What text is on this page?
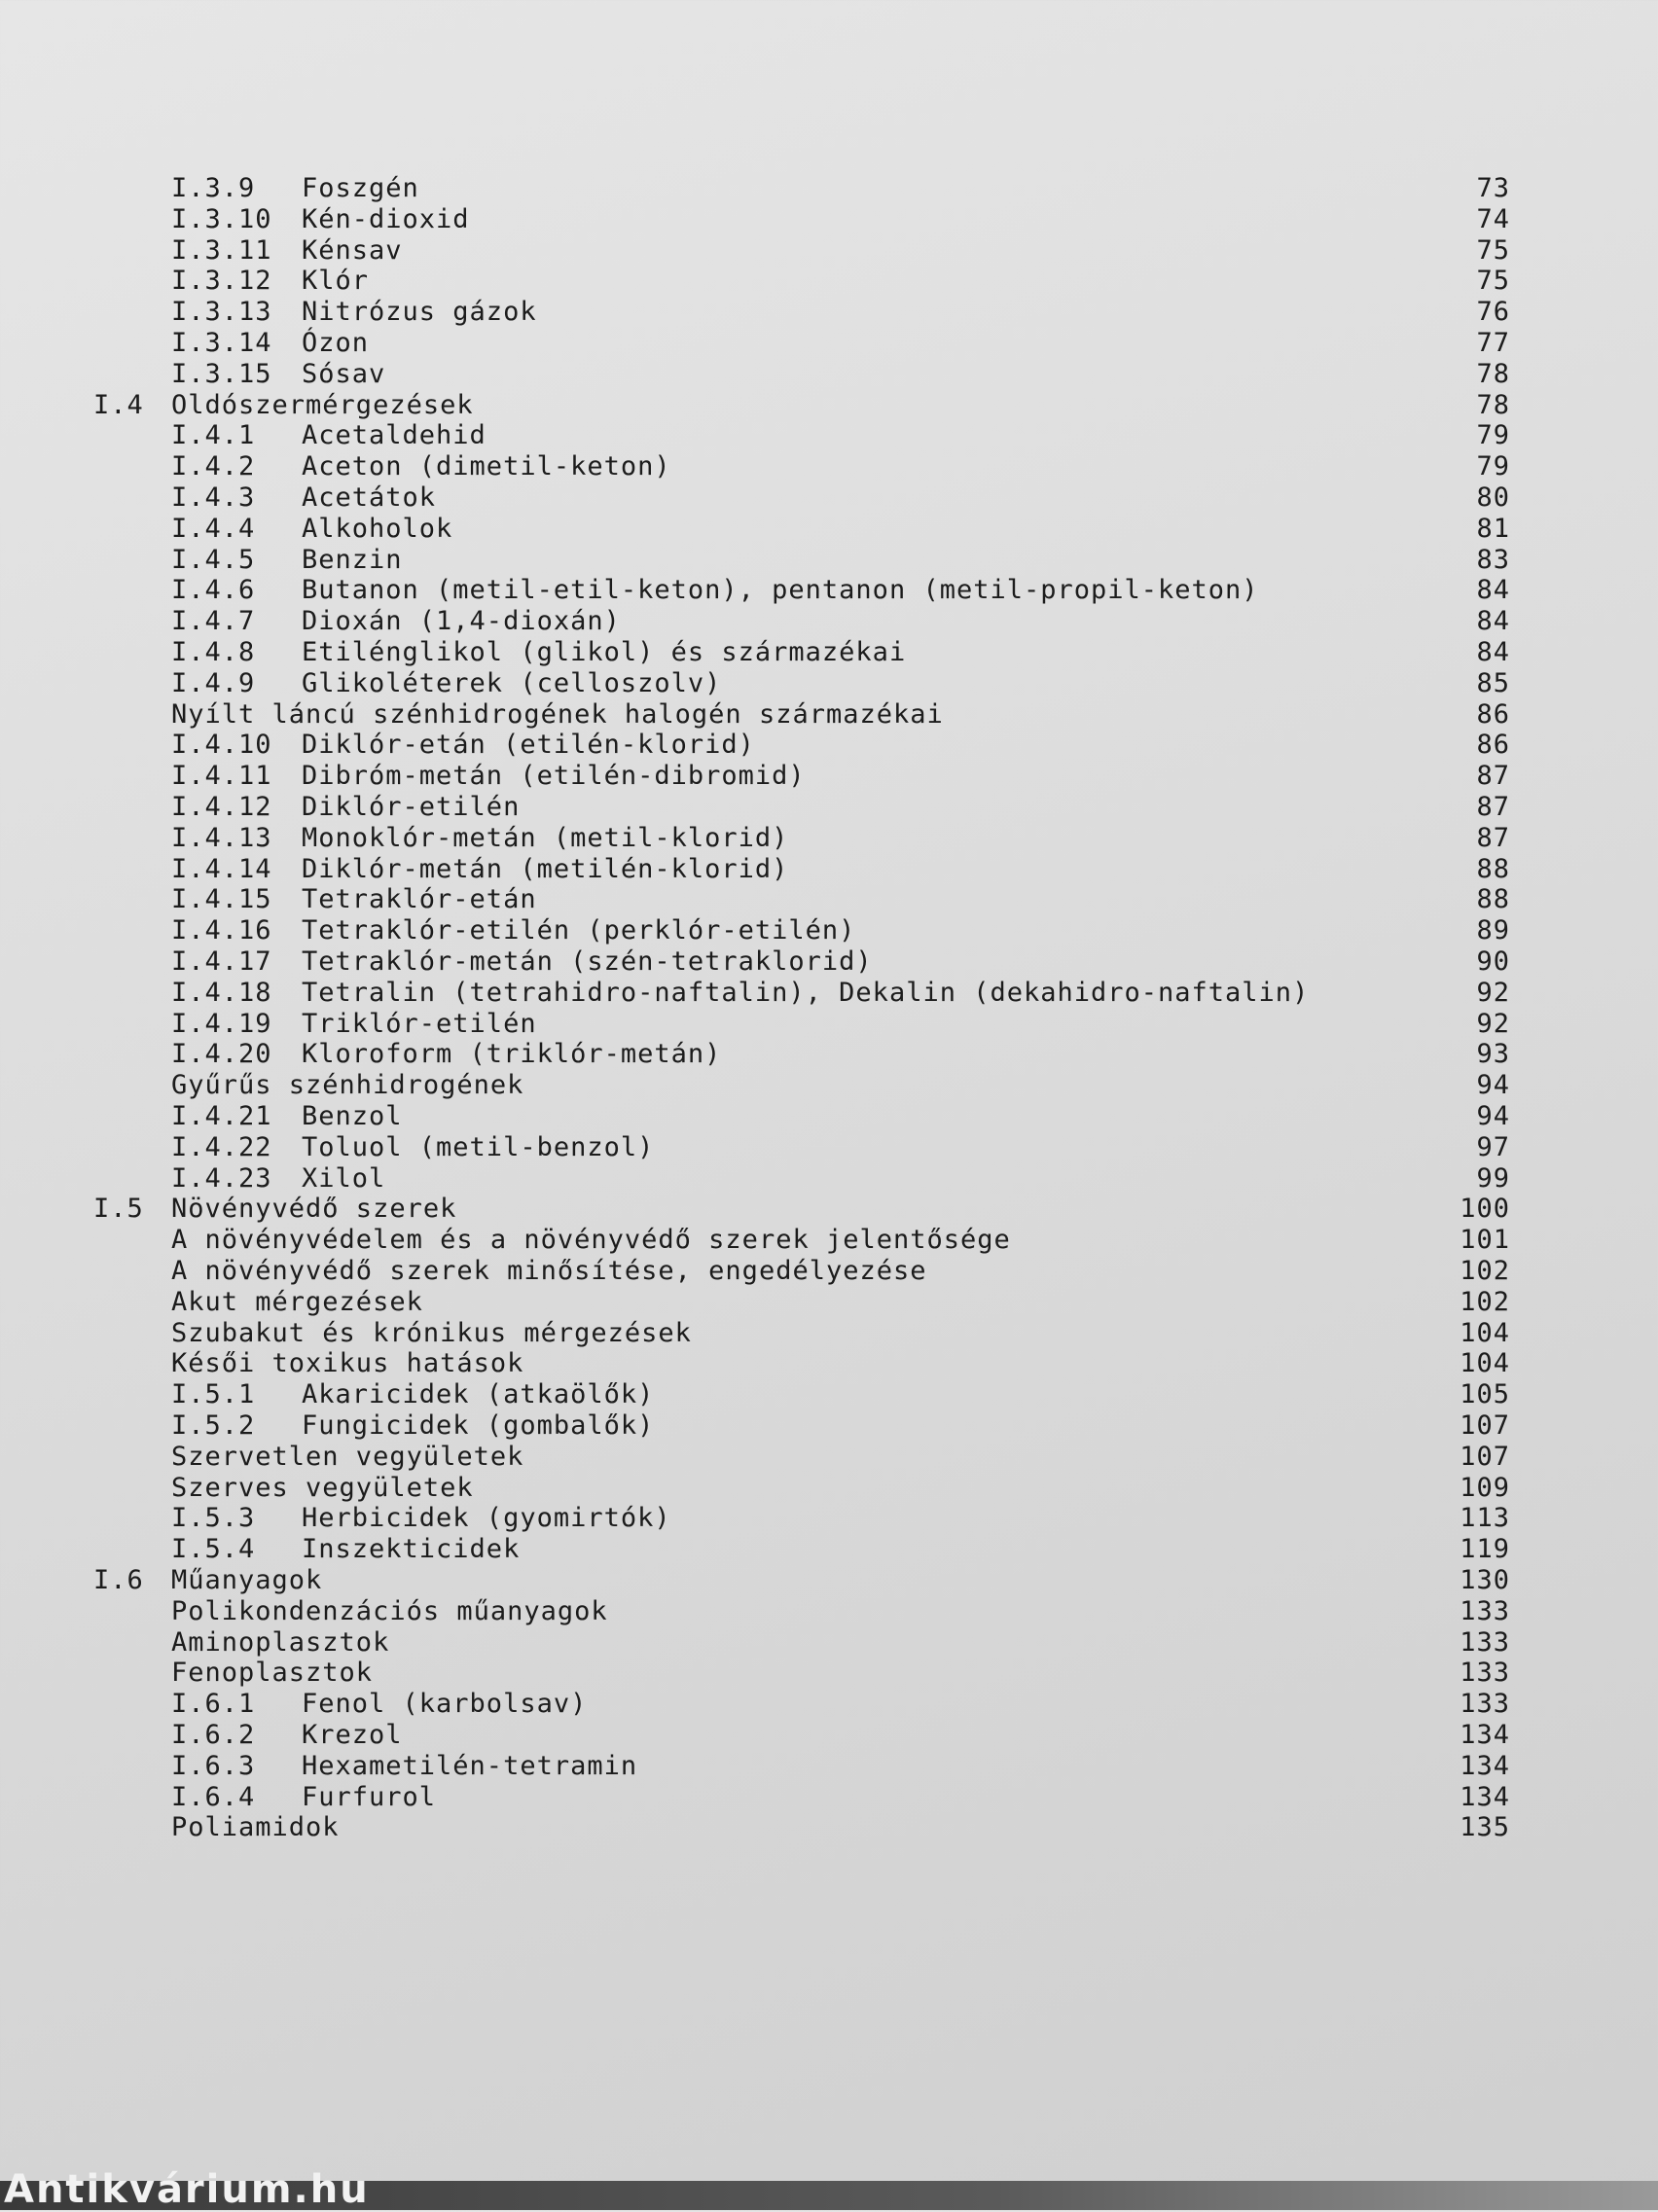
I.3.9 Foszgén	73
I.3.10 Kén-dioxid	74
I.3.11 Kénsav	75
I.3.12 Klór	75
I.3.13 Nitrózus gázok	76
I.3.14 Ózon	77
I.3.15 Sósav	78
I.4 Oldószermérgezések	78
I.4.1 Acetaldehid	79
I.4.2 Aceton (dimetil-keton)	79
I.4.3 Acetátok	80
I.4.4 Alkoholok	81
I.4.5 Benzin	83
I.4.6 Butanon (metil-etil-keton), pentanon (metil-propil-keton)	84
I.4.7 Dioxán (1,4-dioxán)	84
I.4.8 Etilénglikol (glikol) és származékai	84
I.4.9 Glikoléterek (celloszolv)	85
Nyílt láncú szénhidrogének halogén származékai	86
I.4.10 Diklór-etán (etilén-klorid)	86
I.4.11 Dibróm-metán (etilén-dibromid)	87
I.4.12 Diklór-etilén	87
I.4.13 Monoklór-metán (metil-klorid)	87
I.4.14 Diklór-metán (metilén-klorid)	88
I.4.15 Tetraklór-etán	88
I.4.16 Tetraklór-etilén (perklór-etilén)	89
I.4.17 Tetraklór-metán (szén-tetraklorid)	90
I.4.18 Tetralin (tetrahidro-naftalin), Dekalin (dekahidro-naftalin)	92
I.4.19 Triklór-etilén	92
I.4.20 Kloroform (triklór-metán)	93
Gyűrűs szénhidrogének	94
I.4.21 Benzol	94
I.4.22 Toluol (metil-benzol)	97
I.4.23 Xilol	99
I.5 Növényvédő szerek	100
A növényvédelem és a növényvédő szerek jelentősége	101
A növényvédő szerek minősítése, engedélyezése	102
Akut mérgezések	102
Szubakut és krónikus mérgezések	104
Késői toxikus hatások	104
I.5.1 Akaricidek (atkaölők)	105
I.5.2 Fungicidek (gombalők)	107
Szervetlen vegyületek	107
Szerves vegyületek	109
I.5.3 Herbicidek (gyomirtók)	113
I.5.4 Inszekticidek	119
I.6 Műanyagok	130
Polikondenzációs műanyagok	133
Aminoplasztok	133
Fenoplasztok	133
I.6.1 Fenol (karbolsav)	133
I.6.2 Krezol	134
I.6.3 Hexametilén-tetramin	134
I.6.4 Furfurol	134
Poliamidok	135
Antikvárium.hu
